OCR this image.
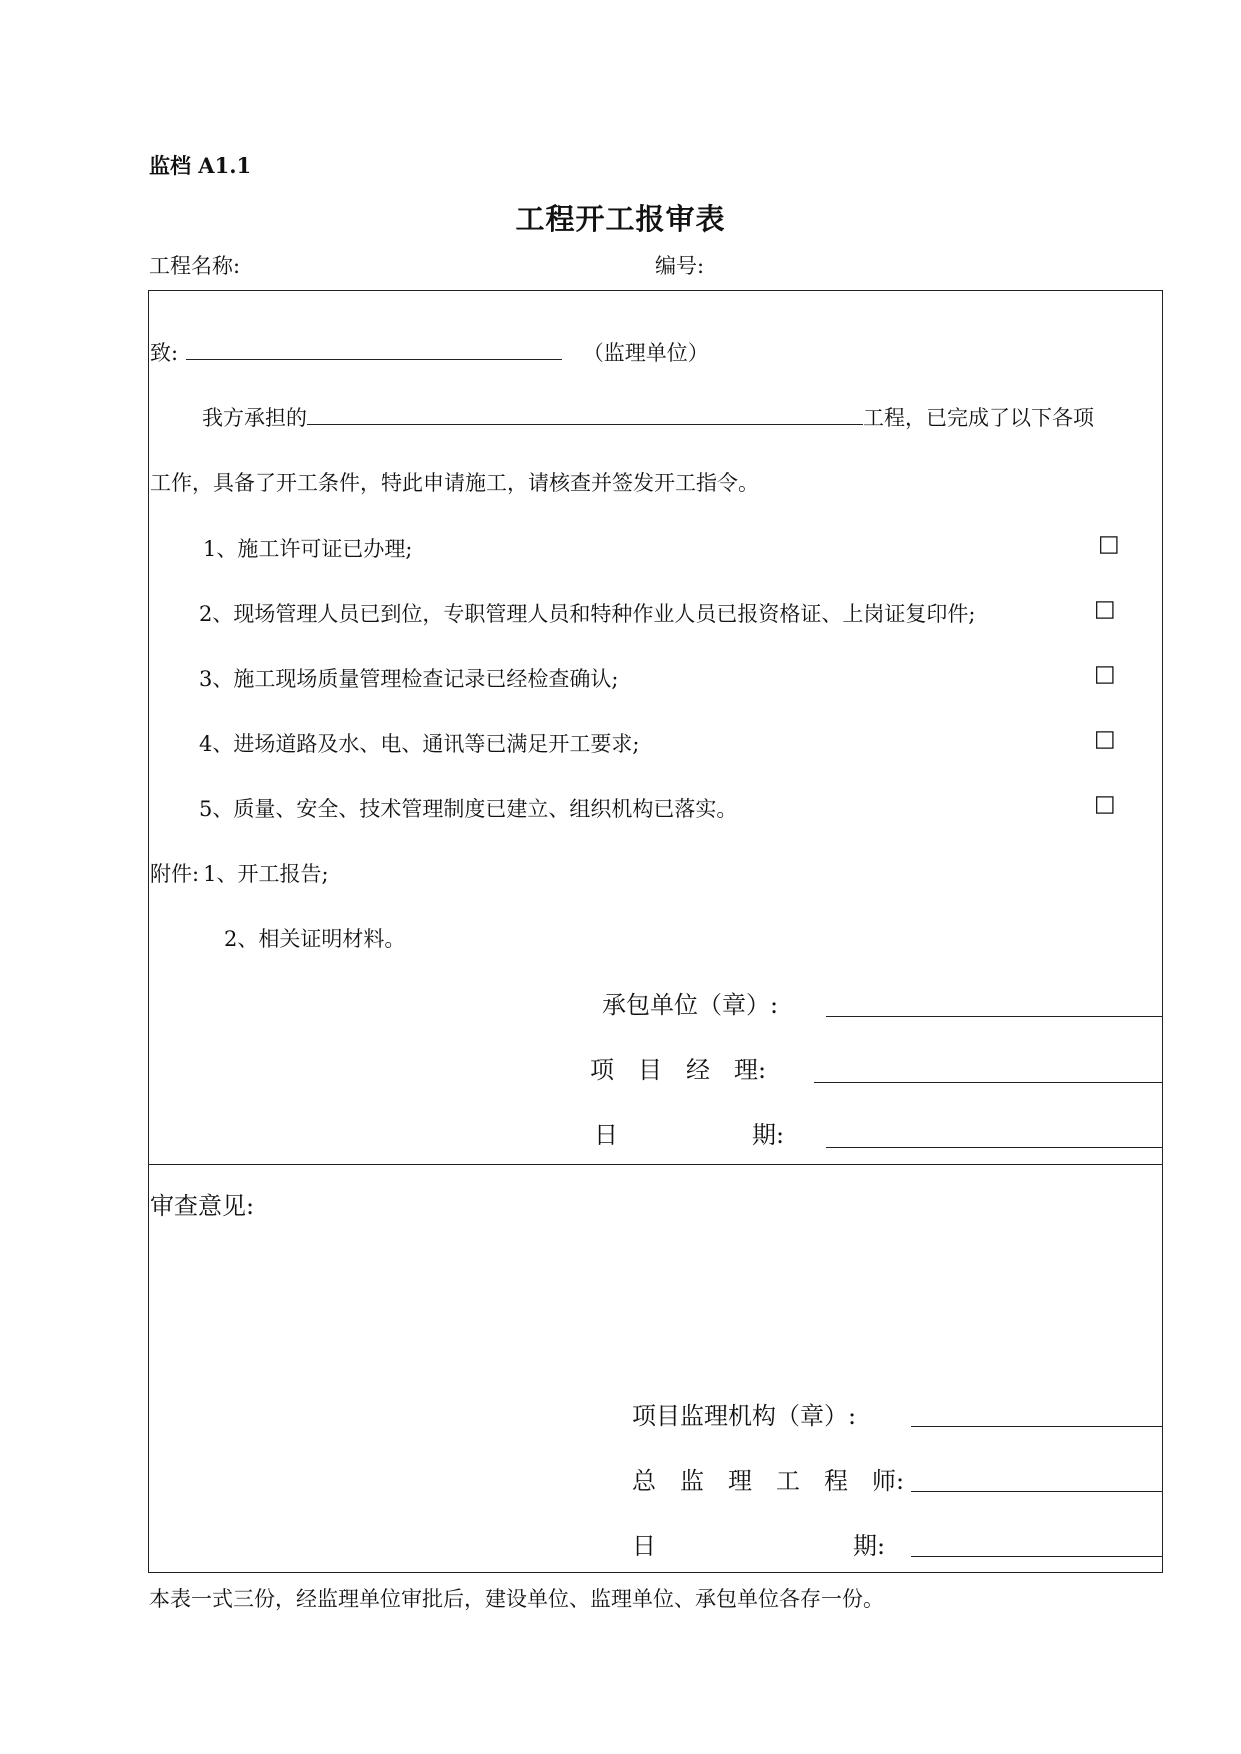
监档 A1.1
工程开工报审表
工程名称:	编号:
致:	（监理单位）
我方承担的	工程，已完成了以下各项
工作，具备了开工条件，特此申请施工，请核查并签发开工指令。
1、施工许可证已办理;	□
2、现场管理人员已到位，专职管理人员和特种作业人员已报资格证、上岗证复印件;	□
3、施工现场质量管理检查记录已经检查确认;	□
4、进场道路及水、电、通讯等已满足开工要求;	□
5、质量、安全、技术管理制度已建立、组织机构已落实。	□
附件: 1、开工报告;
2、相关证明材料。
承包单位（章）:
项　目　经　理:
日	期:
审查意见:
项目监理机构（章）:
总　监　理　工　程　师:
日	期:
本表一式三份，经监理单位审批后，建设单位、监理单位、承包单位各存一份。
